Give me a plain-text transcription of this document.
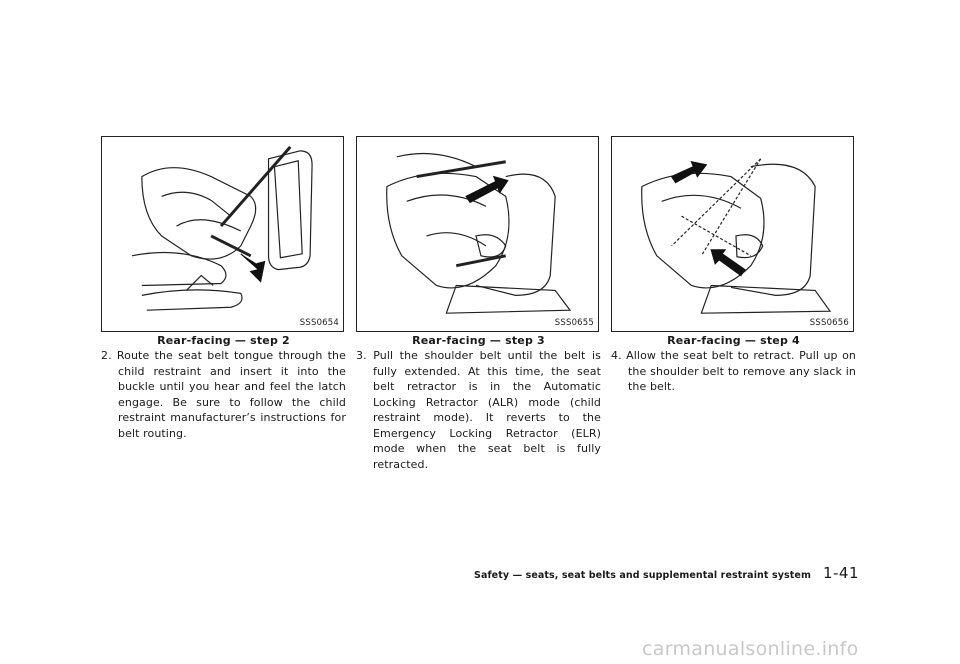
SSS0654
Rear-facing — step 2

2. Route the seat belt tongue through the child restraint and insert it into the buckle until you hear and feel the latch engage. Be sure to follow the child restraint manufacturer’s instructions for belt routing.

SSS0655
Rear-facing — step 3

3. Pull the shoulder belt until the belt is fully extended. At this time, the seat belt retractor is in the Automatic Locking Retractor (ALR) mode (child restraint mode). It reverts to the Emergency Locking Retractor (ELR) mode when the seat belt is fully retracted.

SSS0656
Rear-facing — step 4

4. Allow the seat belt to retract. Pull up on the shoulder belt to remove any slack in the belt.

Safety — seats, seat belts and supplemental restraint system 1-41
carmanualsonline.info
